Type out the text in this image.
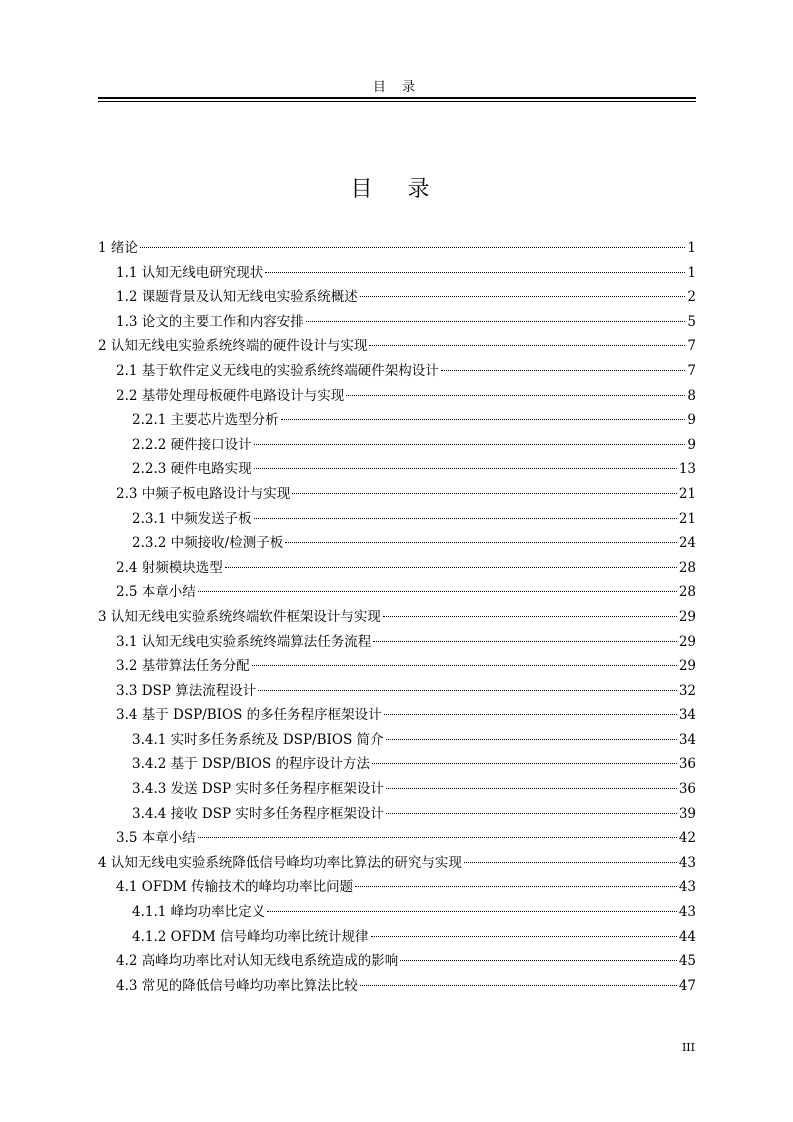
目 录
目 录
1 绪论	1
1.1 认知无线电研究现状	1
1.2 课题背景及认知无线电实验系统概述	2
1.3 论文的主要工作和内容安排	5
2 认知无线电实验系统终端的硬件设计与实现	7
2.1 基于软件定义无线电的实验系统终端硬件架构设计	7
2.2 基带处理母板硬件电路设计与实现	8
2.2.1 主要芯片选型分析	9
2.2.2 硬件接口设计	9
2.2.3 硬件电路实现	13
2.3 中频子板电路设计与实现	21
2.3.1 中频发送子板	21
2.3.2 中频接收/检测子板	24
2.4 射频模块选型	28
2.5 本章小结	28
3 认知无线电实验系统终端软件框架设计与实现	29
3.1 认知无线电实验系统终端算法任务流程	29
3.2 基带算法任务分配	29
3.3 DSP 算法流程设计	32
3.4 基于 DSP/BIOS 的多任务程序框架设计	34
3.4.1 实时多任务系统及 DSP/BIOS 简介	34
3.4.2 基于 DSP/BIOS 的程序设计方法	36
3.4.3 发送 DSP 实时多任务程序框架设计	36
3.4.4 接收 DSP 实时多任务程序框架设计	39
3.5 本章小结	42
4 认知无线电实验系统降低信号峰均功率比算法的研究与实现	43
4.1 OFDM 传输技术的峰均功率比问题	43
4.1.1 峰均功率比定义	43
4.1.2 OFDM 信号峰均功率比统计规律	44
4.2 高峰均功率比对认知无线电系统造成的影响	45
4.3 常见的降低信号峰均功率比算法比较	47
III
